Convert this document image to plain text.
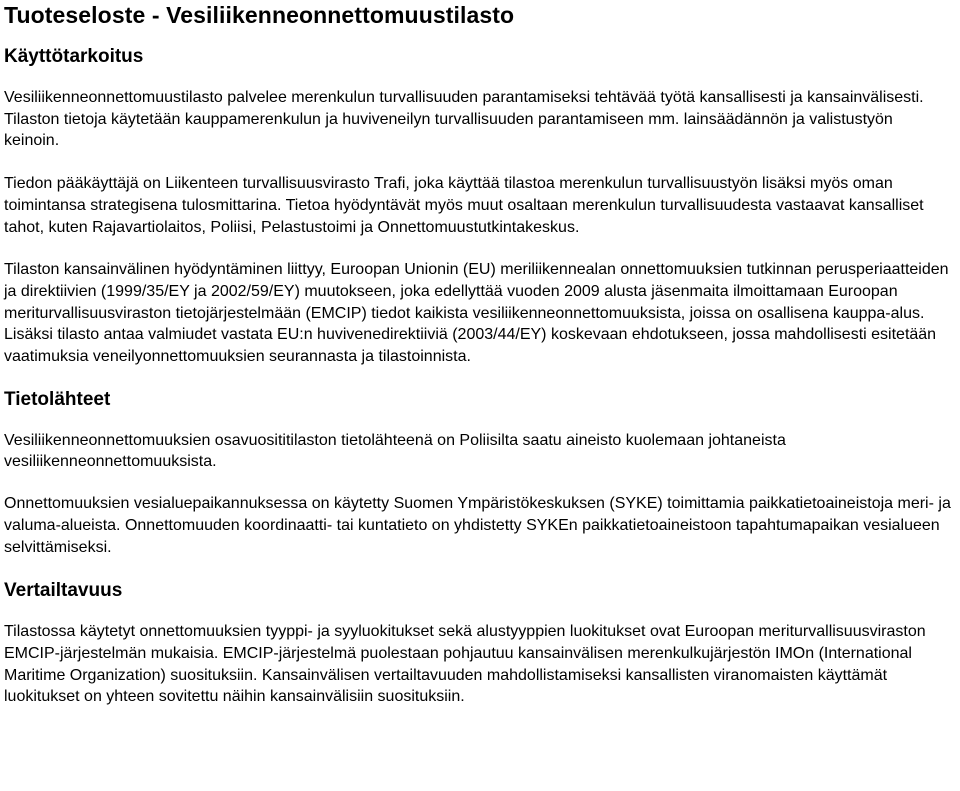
Tuoteseloste - Vesiliikenneonnettomuustilasto
Käyttötarkoitus

Vesiliikenneonnettomuustilasto palvelee merenkulun turvallisuuden parantamiseksi tehtävää työtä kansallisesti ja kansainvälisesti. Tilaston tietoja käytetään kauppamerenkulun ja huviveneilyn turvallisuuden parantamiseen mm. lainsäädännön ja valistustyön keinoin.

Tiedon pääkäyttäjä on Liikenteen turvallisuusvirasto Trafi, joka käyttää tilastoa merenkulun turvallisuustyön lisäksi myös oman toimintansa strategisena tulosmittarina. Tietoa hyödyntävät myös muut osaltaan merenkulun turvallisuudesta vastaavat kansalliset tahot, kuten Rajavartiolaitos, Poliisi, Pelastustoimi ja Onnettomuustutkintakeskus.

Tilaston kansainvälinen hyödyntäminen liittyy, Euroopan Unionin (EU) meriliikennealan onnettomuuksien tutkinnan perusperiaatteiden ja direktiivien (1999/35/EY ja 2002/59/EY) muutokseen, joka edellyttää vuoden 2009 alusta jäsenmaita ilmoittamaan Euroopan meriturvallisuusviraston tietojärjestelmään (EMCIP) tiedot kaikista vesiliikenneonnettomuuksista, joissa on osallisena kauppa-alus. Lisäksi tilasto antaa valmiudet vastata EU:n huvivenedirektiiviä (2003/44/EY) koskevaan ehdotukseen, jossa mahdollisesti esitetään vaatimuksia veneilyonnettomuuksien seurannasta ja tilastoinnista.

Tietolähteet

Vesiliikenneonnettomuuksien osavuosititilaston tietolähteenä on Poliisilta saatu aineisto kuolemaan johtaneista vesiliikenneonnettomuuksista.

Onnettomuuksien vesialuepaikannuksessa on käytetty Suomen Ympäristökeskuksen (SYKE) toimittamia paikkatietoaineistoja meri- ja valuma-alueista. Onnettomuuden koordinaatti- tai kuntatieto on yhdistetty SYKEn paikkatietoaineistoon tapahtumapaikan vesialueen selvittämiseksi.

Vertailtavuus

Tilastossa käytetyt onnettomuuksien tyyppi- ja syyluokitukset sekä alustyyppien luokitukset ovat Euroopan meriturvallisuusviraston EMCIP-järjestelmän mukaisia. EMCIP-järjestelmä puolestaan pohjautuu kansainvälisen merenkulkujärjestön IMOn (International Maritime Organization) suosituksiin. Kansainvälisen vertailtavuuden mahdollistamiseksi kansallisten viranomaisten käyttämät luokitukset on yhteen sovitettu näihin kansainvälisiin suosituksiin.
